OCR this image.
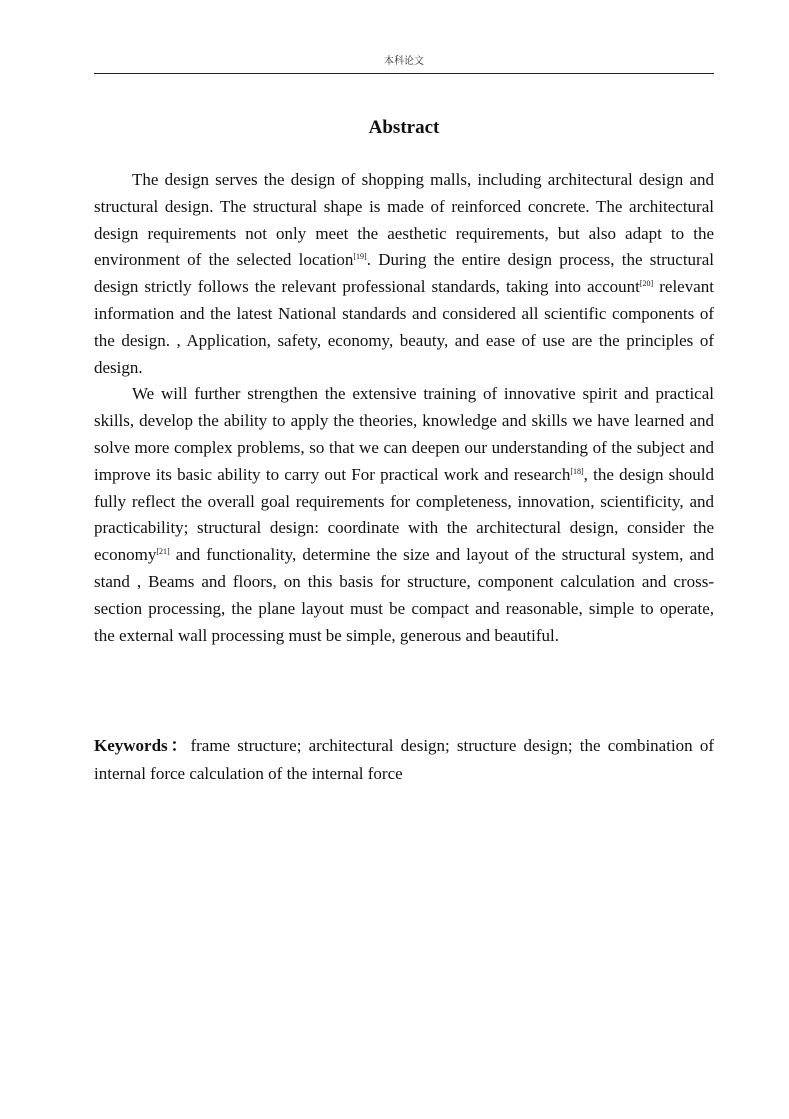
本科论文
Abstract

The design serves the design of shopping malls, including architectural design and structural design. The structural shape is made of reinforced concrete. The architectural design requirements not only meet the aesthetic requirements, but also adapt to the environment of the selected location[19]. During the entire design process, the structural design strictly follows the relevant professional standards, taking into account[20] relevant information and the latest National standards and considered all scientific components of the design. , Application, safety, economy, beauty, and ease of use are the principles of design.

We will further strengthen the extensive training of innovative spirit and practical skills, develop the ability to apply the theories, knowledge and skills we have learned and solve more complex problems, so that we can deepen our understanding of the subject and improve its basic ability to carry out For practical work and research[18], the design should fully reflect the overall goal requirements for completeness, innovation, scientificity, and practicability; structural design: coordinate with the architectural design, consider the economy[21] and functionality, determine the size and layout of the structural system, and stand , Beams and floors, on this basis for structure, component calculation and cross-section processing, the plane layout must be compact and reasonable, simple to operate, the external wall processing must be simple, generous and beautiful.

Keywords：frame structure; architectural design; structure design; the combination of internal force calculation of the internal force
